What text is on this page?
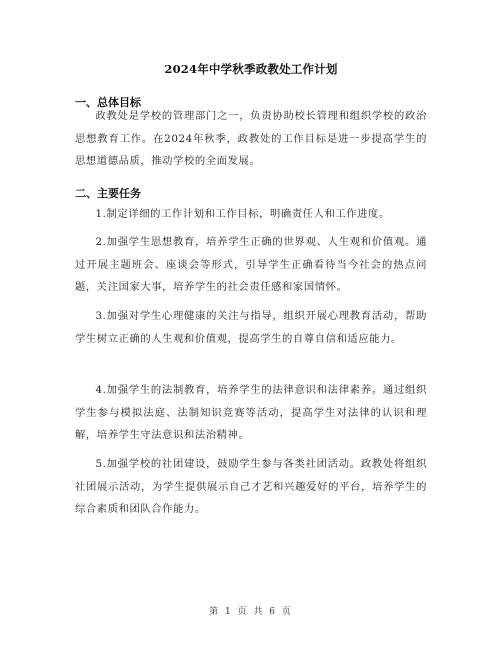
2024年中学秋季政教处工作计划
一、总体目标

政教处是学校的管理部门之一，负责协助校长管理和组织学校的政治思想教育工作。在2024年秋季，政教处的工作目标是进一步提高学生的思想道德品质，推动学校的全面发展。

二、主要任务

1.制定详细的工作计划和工作目标，明确责任人和工作进度。

2.加强学生思想教育，培养学生正确的世界观、人生观和价值观。通过开展主题班会、座谈会等形式，引导学生正确看待当今社会的热点问题，关注国家大事，培养学生的社会责任感和家国情怀。

3.加强对学生心理健康的关注与指导，组织开展心理教育活动，帮助学生树立正确的人生观和价值观，提高学生的自尊自信和适应能力。

4.加强学生的法制教育，培养学生的法律意识和法律素养。通过组织学生参与模拟法庭、法制知识竞赛等活动，提高学生对法律的认识和理解，培养学生守法意识和法治精神。

5.加强学校的社团建设，鼓励学生参与各类社团活动。政教处将组织社团展示活动，为学生提供展示自己才艺和兴趣爱好的平台，培养学生的综合素质和团队合作能力。

第 1 页 共 6 页
